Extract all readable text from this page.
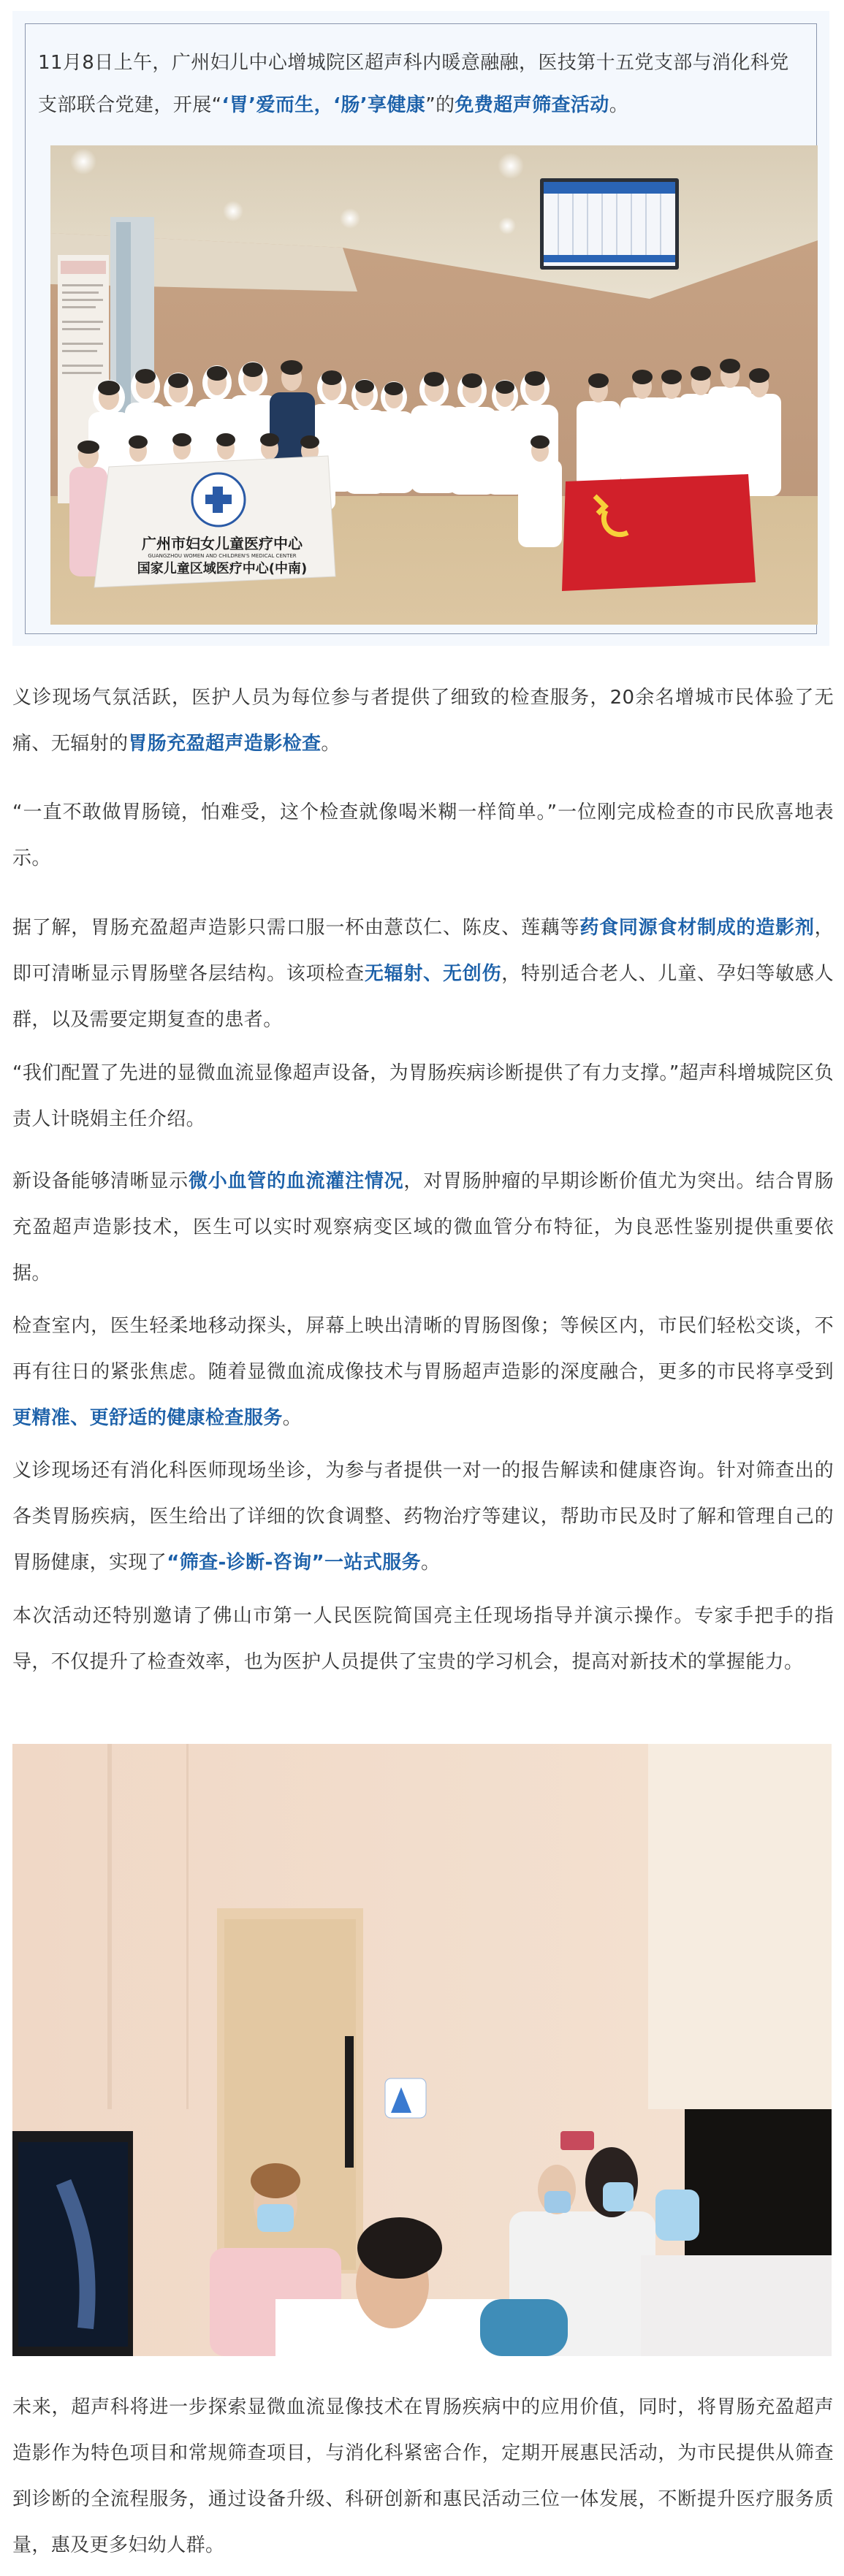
11月8日上午，广州妇儿中心增城院区超声科内暖意融融，医技第十五党支部与消化科党支部联合党建，开展“‘胃’爱而生，‘肠’享健康”的免费超声筛查活动。

广州市妇女儿童医疗中心
GUANGZHOU WOMEN AND CHILDREN'S MEDICAL CENTER
国家儿童区域医疗中心(中南)

义诊现场气氛活跃，医护人员为每位参与者提供了细致的检查服务，20余名增城市民体验了无痛、无辐射的胃肠充盈超声造影检查。

“一直不敢做胃肠镜，怕难受，这个检查就像喝米糊一样简单。”一位刚完成检查的市民欣喜地表示。

据了解，胃肠充盈超声造影只需口服一杯由薏苡仁、陈皮、莲藕等药食同源食材制成的造影剂，即可清晰显示胃肠壁各层结构。该项检查无辐射、无创伤，特别适合老人、儿童、孕妇等敏感人群，以及需要定期复查的患者。

“我们配置了先进的显微血流显像超声设备，为胃肠疾病诊断提供了有力支撑。”超声科增城院区负责人计晓娟主任介绍。

新设备能够清晰显示微小血管的血流灌注情况，对胃肠肿瘤的早期诊断价值尤为突出。结合胃肠充盈超声造影技术，医生可以实时观察病变区域的微血管分布特征，为良恶性鉴别提供重要依据。

检查室内，医生轻柔地移动探头，屏幕上映出清晰的胃肠图像；等候区内，市民们轻松交谈，不再有往日的紧张焦虑。随着显微血流成像技术与胃肠超声造影的深度融合，更多的市民将享受到更精准、更舒适的健康检查服务。

义诊现场还有消化科医师现场坐诊，为参与者提供一对一的报告解读和健康咨询。针对筛查出的各类胃肠疾病，医生给出了详细的饮食调整、药物治疗等建议，帮助市民及时了解和管理自己的胃肠健康，实现了“筛查-诊断-咨询”一站式服务。

本次活动还特别邀请了佛山市第一人民医院简国亮主任现场指导并演示操作。专家手把手的指导，不仅提升了检查效率，也为医护人员提供了宝贵的学习机会，提高对新技术的掌握能力。

未来，超声科将进一步探索显微血流显像技术在胃肠疾病中的应用价值，同时，将胃肠充盈超声造影作为特色项目和常规筛查项目，与消化科紧密合作，定期开展惠民活动，为市民提供从筛查到诊断的全流程服务，通过设备升级、科研创新和惠民活动三位一体发展，不断提升医疗服务质量，惠及更多妇幼人群。
